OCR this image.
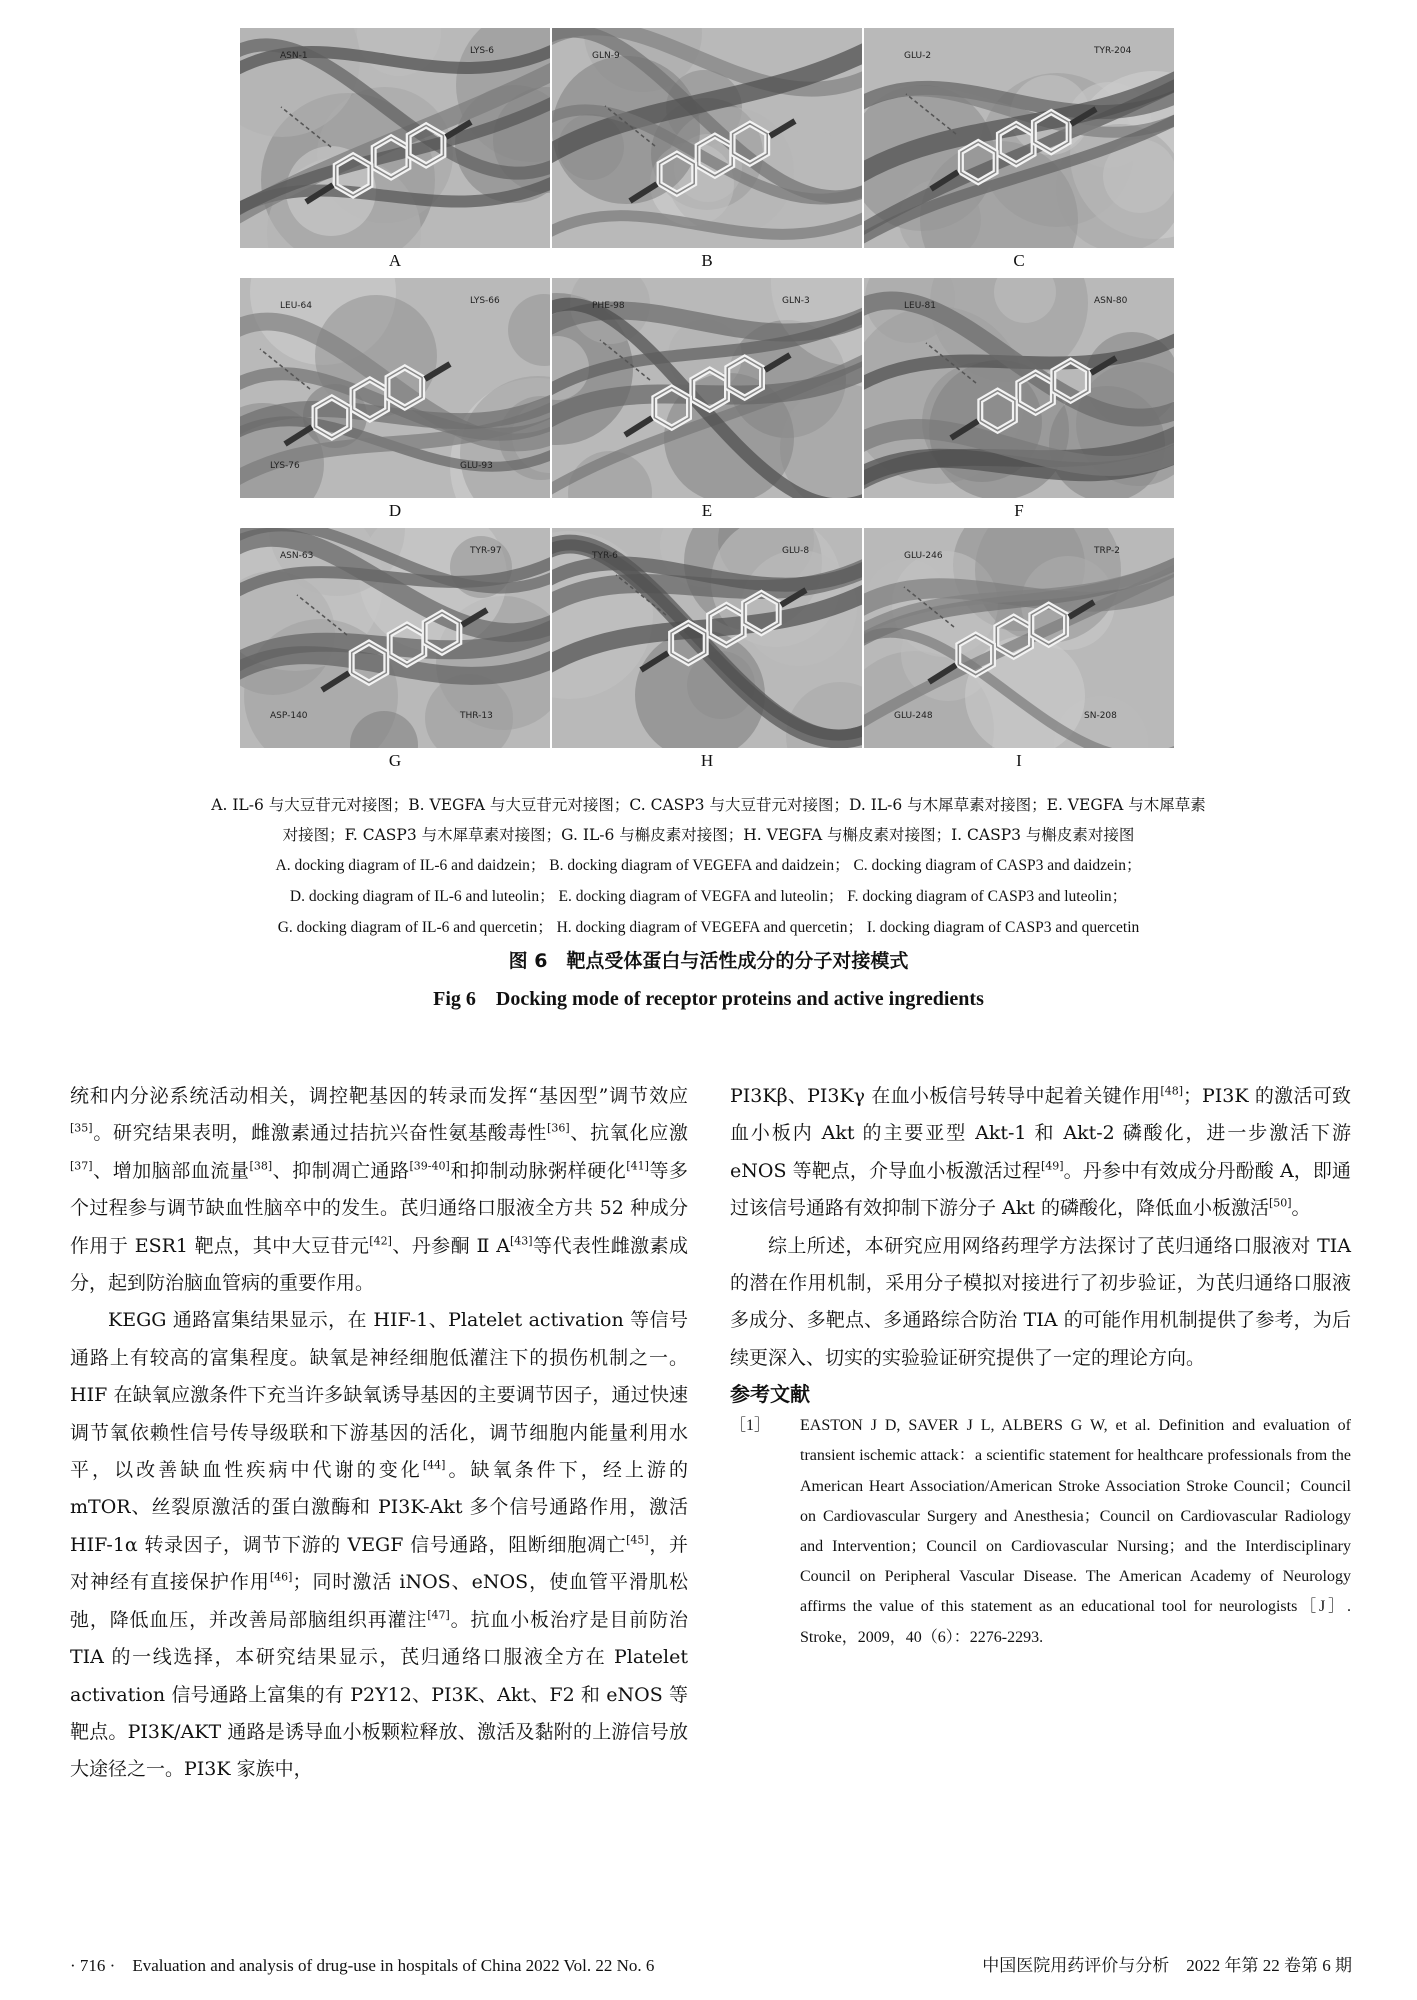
ASN-1	LYS-6
A
GLN-9
B
GLU-2	TYR-204
C
LEU-64	LYS-66
GLU-93
LYS-76
D
PHE-98	GLN-3
E
LEU-81	ASN-80
F
ASN-63	TYR-97
THR-13
ASP-140
G
TYR-6	GLU-8
H
GLU-246	TRP-2
SN-208
GLU-248
I

A. IL-6 与大豆苷元对接图；B. VEGFA 与大豆苷元对接图；C. CASP3 与大豆苷元对接图；D. IL-6 与木犀草素对接图；E. VEGFA 与木犀草素

对接图；F. CASP3 与木犀草素对接图；G. IL-6 与槲皮素对接图；H. VEGFA 与槲皮素对接图；I. CASP3 与槲皮素对接图

A. docking diagram of IL-6 and daidzein； B. docking diagram of VEGEFA and daidzein； C. docking diagram of CASP3 and daidzein；

D. docking diagram of IL-6 and luteolin； E. docking diagram of VEGFA and luteolin； F. docking diagram of CASP3 and luteolin；

G. docking diagram of IL-6 and quercetin； H. docking diagram of VEGEFA and quercetin； I. docking diagram of CASP3 and quercetin

图 6　靶点受体蛋白与活性成分的分子对接模式

Fig 6　Docking mode of receptor proteins and active ingredients

统和内分泌系统活动相关，调控靶基因的转录而发挥“基因型”调节效应[35]。研究结果表明，雌激素通过拮抗兴奋性氨基酸毒性[36]、抗氧化应激[37]、增加脑部血流量[38]、抑制凋亡通路[39-40]和抑制动脉粥样硬化[41]等多个过程参与调节缺血性脑卒中的发生。芪归通络口服液全方共 52 种成分作用于 ESR1 靶点，其中大豆苷元[42]、丹参酮 Ⅱ A[43]等代表性雌激素成分，起到防治脑血管病的重要作用。

KEGG 通路富集结果显示，在 HIF-1、Platelet activation 等信号通路上有较高的富集程度。缺氧是神经细胞低灌注下的损伤机制之一。HIF 在缺氧应激条件下充当许多缺氧诱导基因的主要调节因子，通过快速调节氧依赖性信号传导级联和下游基因的活化，调节细胞内能量利用水平，以改善缺血性疾病中代谢的变化[44]。缺氧条件下，经上游的 mTOR、丝裂原激活的蛋白激酶和 PI3K-Akt 多个信号通路作用，激活 HIF-1α 转录因子，调节下游的 VEGF 信号通路，阻断细胞凋亡[45]，并对神经有直接保护作用[46]；同时激活 iNOS、eNOS，使血管平滑肌松弛，降低血压，并改善局部脑组织再灌注[47]。抗血小板治疗是目前防治 TIA 的一线选择，本研究结果显示，芪归通络口服液全方在 Platelet activation 信号通路上富集的有 P2Y12、PI3K、Akt、F2 和 eNOS 等靶点。PI3K/AKT 通路是诱导血小板颗粒释放、激活及黏附的上游信号放大途径之一。PI3K 家族中，

PI3Kβ、PI3Kγ 在血小板信号转导中起着关键作用[48]；PI3K 的激活可致血小板内 Akt 的主要亚型 Akt-1 和 Akt-2 磷酸化，进一步激活下游 eNOS 等靶点，介导血小板激活过程[49]。丹参中有效成分丹酚酸 A，即通过该信号通路有效抑制下游分子 Akt 的磷酸化，降低血小板激活[50]。

综上所述，本研究应用网络药理学方法探讨了芪归通络口服液对 TIA 的潜在作用机制，采用分子模拟对接进行了初步验证，为芪归通络口服液多成分、多靶点、多通路综合防治 TIA 的可能作用机制提供了参考，为后续更深入、切实的实验验证研究提供了一定的理论方向。

参考文献

［1］	EASTON J D, SAVER J L, ALBERS G W, et al. Definition and evaluation of transient ischemic attack：a scientific statement for healthcare professionals from the American Heart Association/American Stroke Association Stroke Council；Council on Cardiovascular Surgery and Anesthesia；Council on Cardiovascular Radiology and Intervention；Council on Cardiovascular Nursing；and the Interdisciplinary Council on Peripheral Vascular Disease. The American Academy of Neurology affirms the value of this statement as an educational tool for neurologists［J］. Stroke，2009，40（6）：2276-2293.
· 716 ·　Evaluation and analysis of drug-use in hospitals of China 2022 Vol. 22 No. 6	中国医院用药评价与分析　2022 年第 22 卷第 6 期
